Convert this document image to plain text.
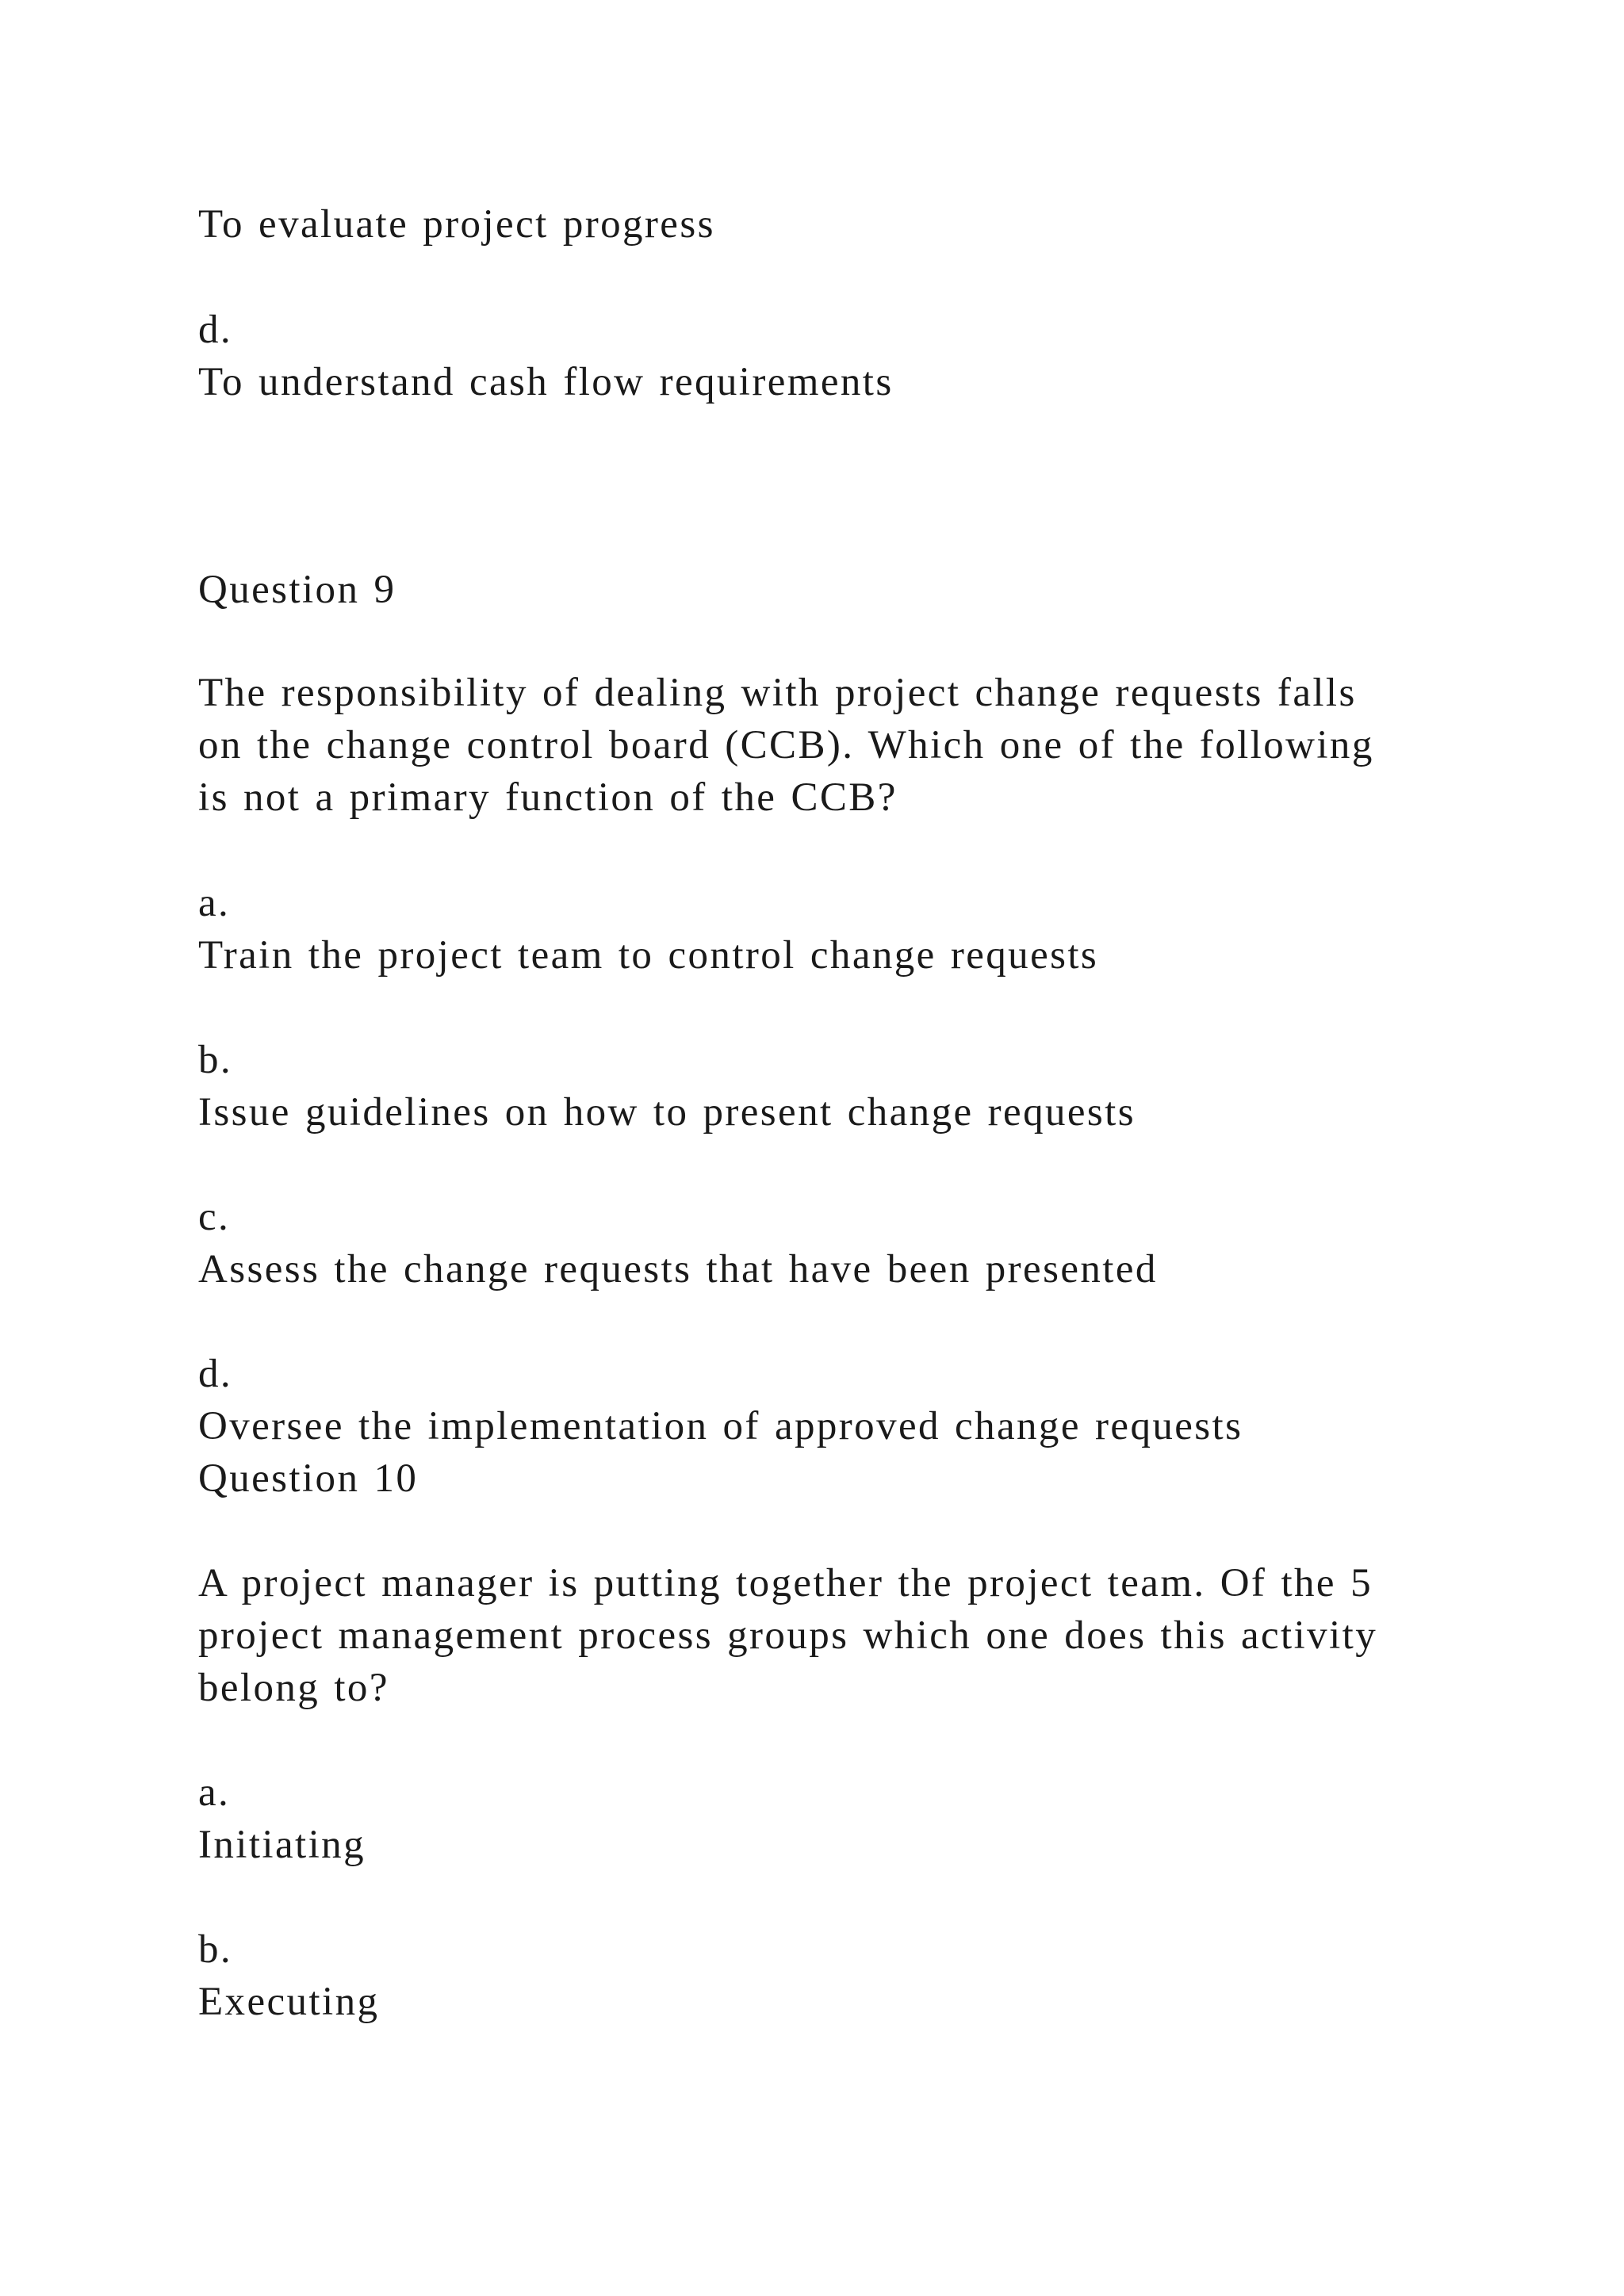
To evaluate project progress
d.
To understand cash flow requirements
Question 9
The responsibility of dealing with project change requests falls
on the change control board (CCB). Which one of the following
is not a primary function of the CCB?
a.
Train the project team to control change requests
b.
Issue guidelines on how to present change requests
c.
Assess the change requests that have been presented
d.
Oversee the implementation of approved change requests
Question 10
A project manager is putting together the project team. Of the 5
project management process groups which one does this activity
belong to?
a.
Initiating
b.
Executing
